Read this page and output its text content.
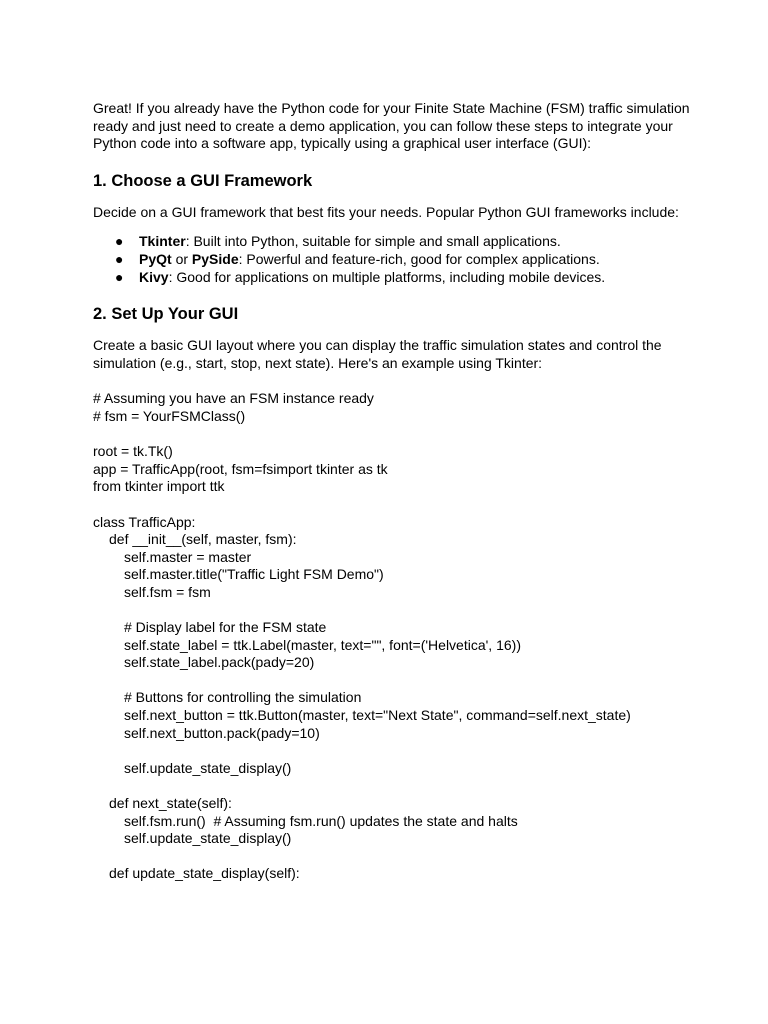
Great! If you already have the Python code for your Finite State Machine (FSM) traffic simulation ready and just need to create a demo application, you can follow these steps to integrate your Python code into a software app, typically using a graphical user interface (GUI):

1. Choose a GUI Framework

Decide on a GUI framework that best fits your needs. Popular Python GUI frameworks include:

● Tkinter: Built into Python, suitable for simple and small applications.
● PyQt or PySide: Powerful and feature-rich, good for complex applications.
● Kivy: Good for applications on multiple platforms, including mobile devices.
2. Set Up Your GUI

Create a basic GUI layout where you can display the traffic simulation states and control the simulation (e.g., start, stop, next state). Here's an example using Tkinter:

# Assuming you have an FSM instance ready
# fsm = YourFSMClass()
root = tk.Tk()
app = TrafficApp(root, fsm=fsimport tkinter as tk
from tkinter import ttk
class TrafficApp:
def __init__(self, master, fsm):
self.master = master
self.master.title("Traffic Light FSM Demo")
self.fsm = fsm
# Display label for the FSM state
self.state_label = ttk.Label(master, text="", font=('Helvetica', 16))
self.state_label.pack(pady=20)
# Buttons for controlling the simulation
self.next_button = ttk.Button(master, text="Next State", command=self.next_state)
self.next_button.pack(pady=10)
self.update_state_display()
def next_state(self):
self.fsm.run()  # Assuming fsm.run() updates the state and halts
self.update_state_display()
def update_state_display(self):
